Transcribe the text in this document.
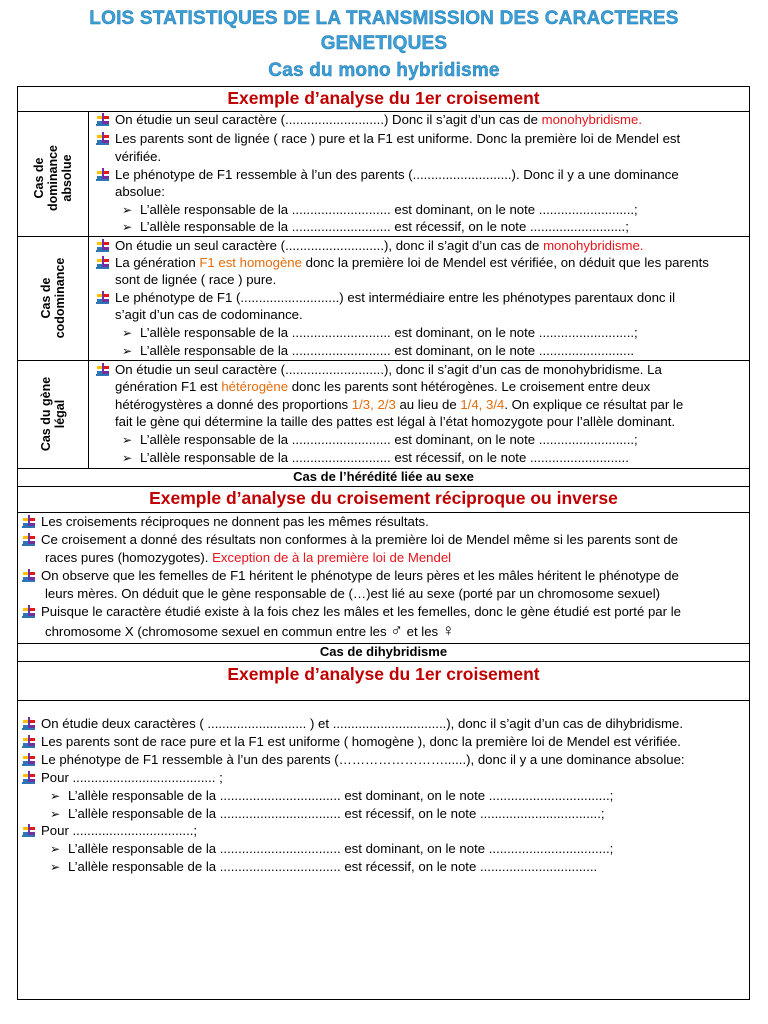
LOIS STATISTIQUES DE LA TRANSMISSION DES CARACTERES
GENETIQUES
Cas du mono hybridisme
Exemple d’analyse du 1er croisement
Cas de dominance absolue
Cas de codominance
Cas du gène légal
On étudie un seul caractère (...........................) Donc il s’agit d’un cas de monohybridisme.
Les parents sont de lignée ( race ) pure et la F1 est uniforme. Donc la première loi de Mendel est
vérifiée.
Le phénotype de F1 ressemble à l’un des parents (...........................). Donc il y a une dominance
absolue:
➢ L’allèle responsable de la ........................... est dominant, on le note ..........................;
➢ L’allèle responsable de la ........................... est récessif, on le note ..........................;
On étudie un seul caractère (...........................), donc il s’agit d’un cas de monohybridisme.
La génération F1 est homogène donc la première loi de Mendel est vérifiée, on déduit que les parents
sont de lignée ( race ) pure.
Le phénotype de F1 (...........................) est intermédiaire entre les phénotypes parentaux donc il
s’agit d’un cas de codominance.
➢ L’allèle responsable de la ........................... est dominant, on le note ..........................;
➢ L’allèle responsable de la ........................... est dominant, on le note ..........................
On étudie un seul caractère (...........................), donc il s’agit d’un cas de monohybridisme. La
génération F1 est hétérogène donc les parents sont hétérogènes. Le croisement entre deux
hétérogystères a donné des proportions 1/3, 2/3 au lieu de 1/4, 3/4. On explique ce résultat par le
fait le gène qui détermine la taille des pattes est légal à l’état homozygote pour l’allèle dominant.
➢ L’allèle responsable de la ........................... est dominant, on le note ..........................;
➢ L’allèle responsable de la ........................... est récessif, on le note ...........................
Cas de l’hérédité liée au sexe
Exemple d’analyse du croisement réciproque ou inverse
Les croisements réciproques ne donnent pas les mêmes résultats.
Ce croisement a donné des résultats non conformes à la première loi de Mendel même si les parents sont de
races pures (homozygotes). Exception de à la première loi de Mendel
On observe que les femelles de F1 héritent le phénotype de leurs pères et les mâles héritent le phénotype de
leurs mères. On déduit que le gène responsable de (…)est lié au sexe (porté par un chromosome sexuel)
Puisque le caractère étudié existe à la fois chez les mâles et les femelles, donc le gène étudié est porté par le
chromosome X (chromosome sexuel en commun entre les ♂ et les ♀
Cas de dihybridisme
Exemple d’analyse du 1er croisement
On étudie deux caractères ( ........................... ) et ...............................), donc il s’agit d’un cas de dihybridisme.
Les parents sont de race pure et la F1 est uniforme ( homogène ), donc la première loi de Mendel est vérifiée.
Le phénotype de F1 ressemble à l’un des parents (……………………......), donc il y a une dominance absolue:
Pour ....................................... ;
➢ L’allèle responsable de la ................................. est dominant, on le note .................................;
➢ L’allèle responsable de la ................................. est récessif, on le note .................................;
Pour .................................;
➢ L’allèle responsable de la ................................. est dominant, on le note .................................;
➢ L’allèle responsable de la ................................. est récessif, on le note ................................
